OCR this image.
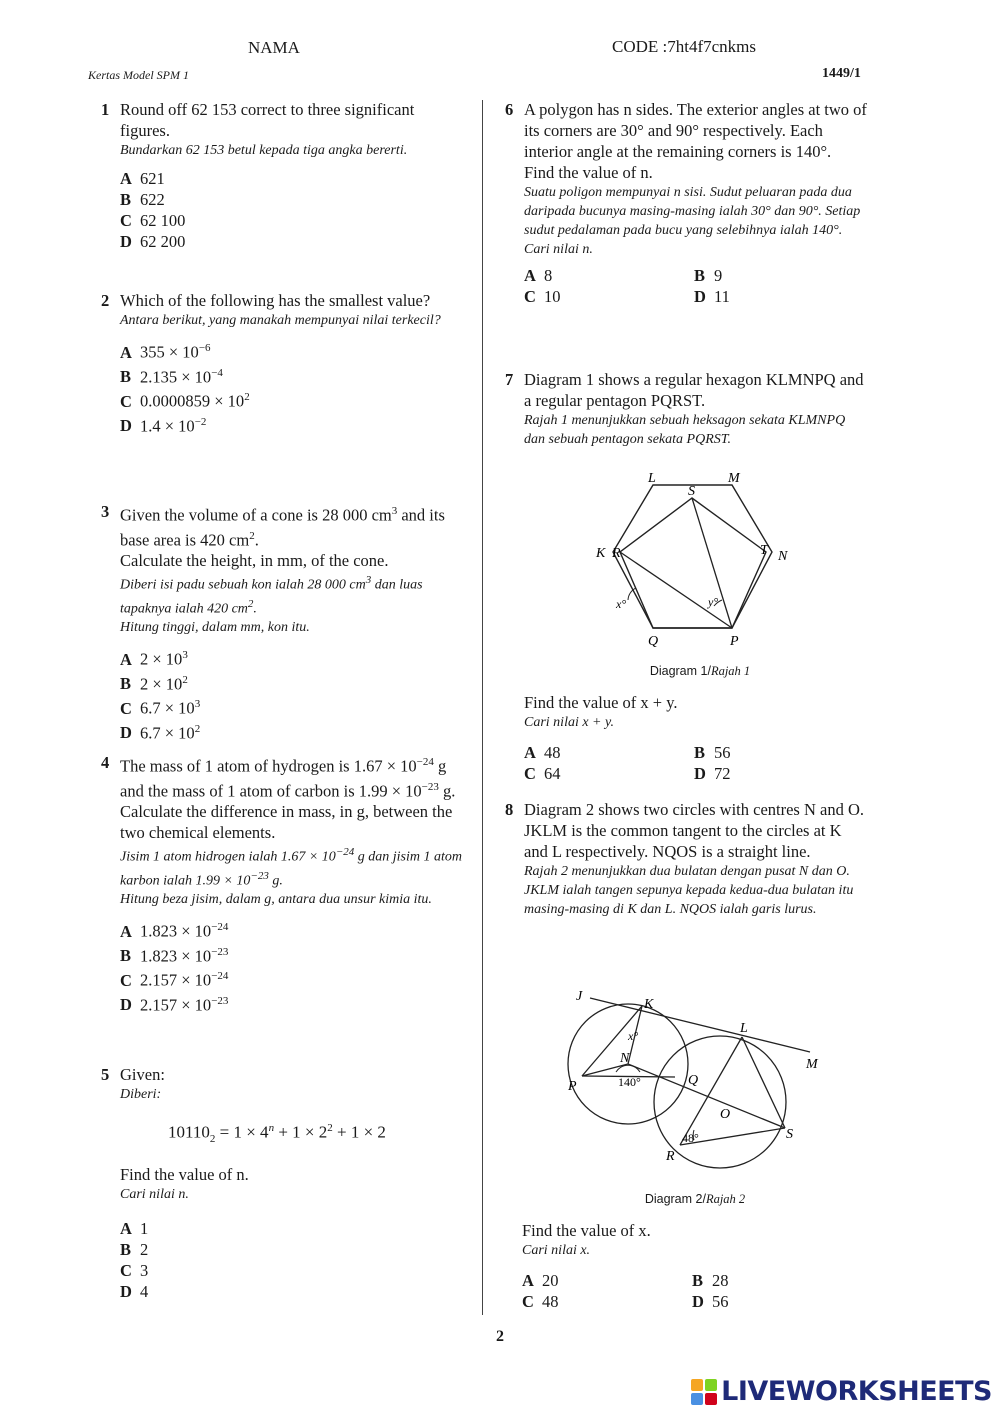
NAMA	CODE :7ht4f7cnkms
Kertas Model SPM 1	1449/1
1 Round off 62 153 correct to three significant figures.

Bundarkan 62 153 betul kepada tiga angka bererti.

A 621
B 622
C 62 100
D 62 200
2 Which of the following has the smallest value?

Antara berikut, yang manakah mempunyai nilai terkecil?

A $355 \times 10^{-6}$
B $2.135 \times 10^{-4}$
C $0.0000859 \times 10^2$
D $1.4 \times 10^{-2}$
3 Given the volume of a cone is 28 000 $cm^3$ and its base area is 420 $cm^2$.

Calculate the height, in mm, of the cone.

Diberi isi padu sebuah kon ialah 28 000 $cm^3$ dan luas tapaknya ialah 420 $cm^2$.

Hitung tinggi, dalam mm, kon itu.

A $2 \times 10^3$
B $2 \times 10^2$
C $6.7 \times 10^3$
D $6.7 \times 10^2$
4 The mass of 1 atom of hydrogen is $1.67 \times 10^{-24}$ g and the mass of 1 atom of carbon is $1.99 \times 10^{-23}$ g.

Calculate the difference in mass, in g, between the two chemical elements.

Jisim 1 atom hidrogen ialah $1.67 \times 10^{-24}$ g dan jisim 1 atom karbon ialah $1.99 \times 10^{-23}$ g.

Hitung beza jisim, dalam g, antara dua unsur kimia itu.

A $1.823 \times 10^{-24}$
B $1.823 \times 10^{-23}$
C $2.157 \times 10^{-24}$
D $2.157 \times 10^{-23}$
5 Given:

Diberi:

$10110_2 = 1 \times 4^n + 1 \times 2^2 + 1 \times 2$

Find the value of n.

Cari nilai n.

A 1
B 2
C 3
D 4
6 A polygon has n sides. The exterior angles at two of its corners are 30° and 90° respectively. Each interior angle at the remaining corners is 140°.

Find the value of n.

Suatu poligon mempunyai n sisi. Sudut peluaran pada dua daripada bucunya masing-masing ialah 30° dan 90°. Setiap sudut pedalaman pada bucu yang selebihnya ialah 140°.

Cari nilai n.

A 8	B 9
C 10	D 11
7 Diagram 1 shows a regular hexagon KLMNPQ and a regular pentagon PQRST.

Rajah 1 menunjukkan sebuah heksagon sekata KLMNPQ dan sebuah pentagon sekata PQRST.

L	M
S
K R	T N
Q	P
x°	y°
Diagram 1/Rajah 1

Find the value of x + y.

Cari nilai x + y.

A 48	B 56
C 64	D 72
8 Diagram 2 shows two circles with centres N and O. JKLM is the common tangent to the circles at K and L respectively. NQOS is a straight line.

Rajah 2 menunjukkan dua bulatan dengan pusat N dan O. JKLM ialah tangen sepunya kepada kedua-dua bulatan itu masing-masing di K dan L. NQOS ialah garis lurus.

J
K
L
M
N
P	Q
O
S
R
x°
140°
48°
Diagram 2/Rajah 2

Find the value of x.

Cari nilai x.

A 20	B 28
C 48	D 56
2
LIVEWORKSHEETS
